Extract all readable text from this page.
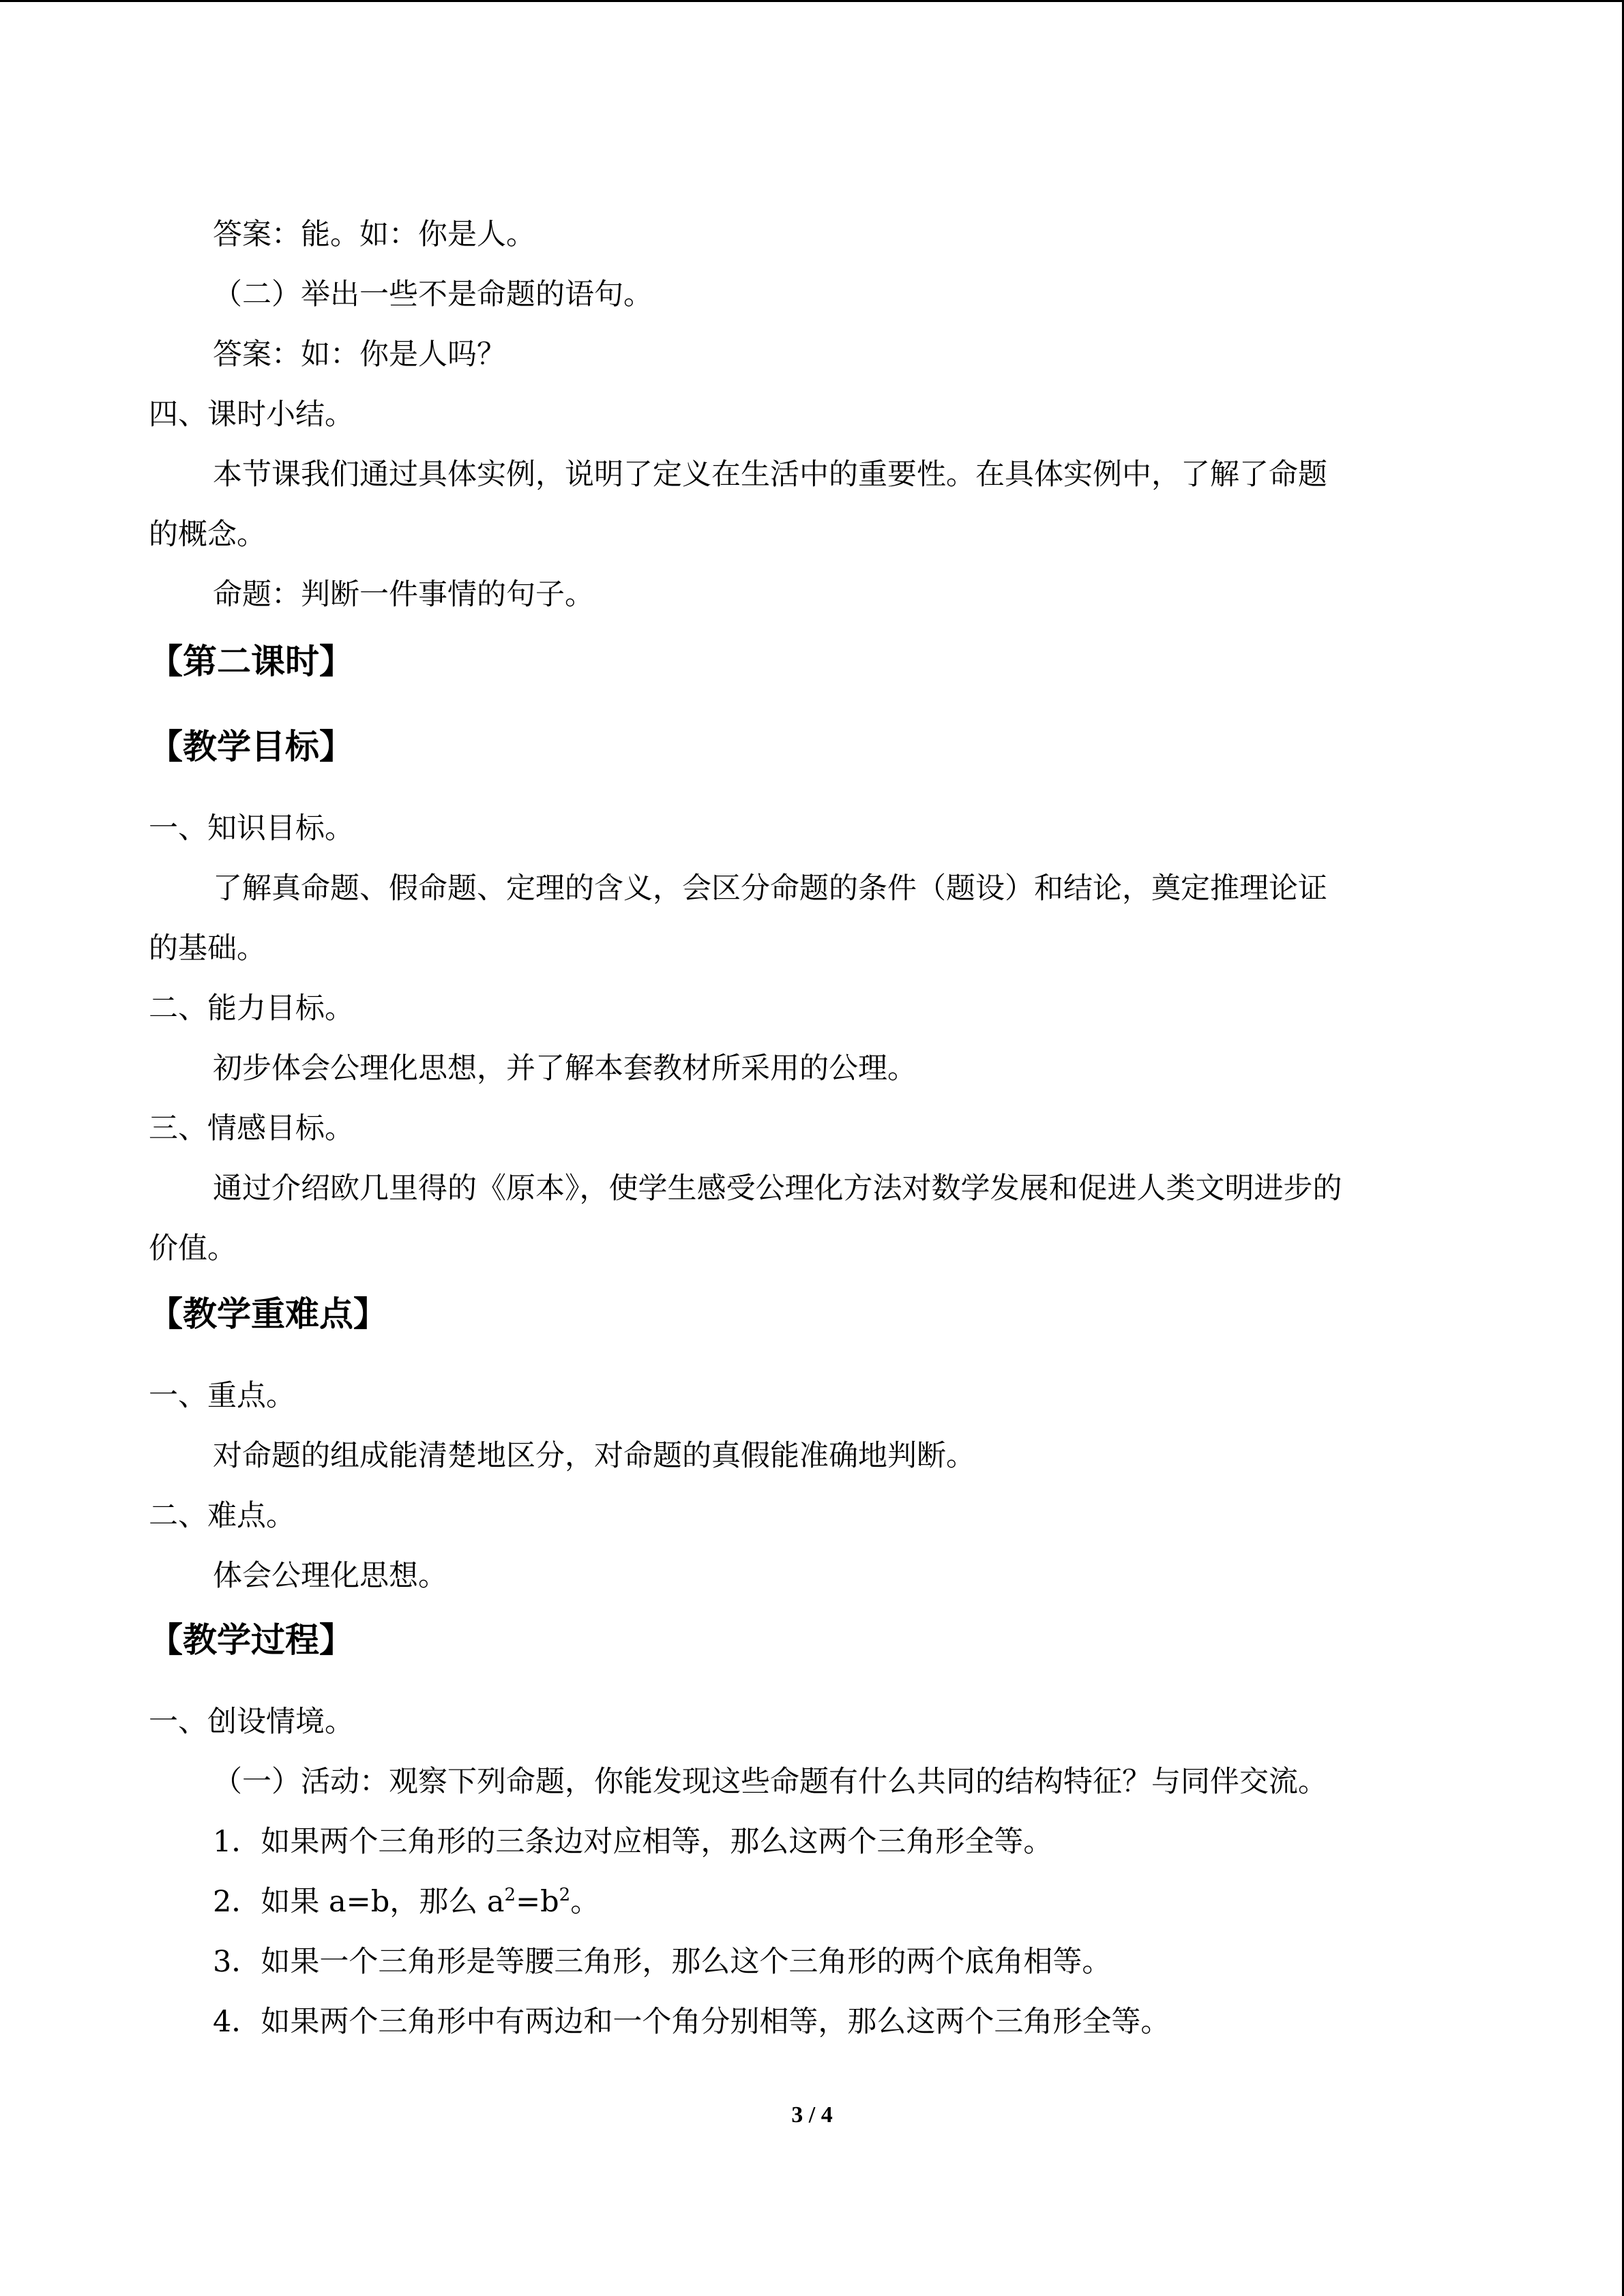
答案：能。如：你是人。
（二）举出一些不是命题的语句。
答案：如：你是人吗？
四、课时小结。
本节课我们通过具体实例，说明了定义在生活中的重要性。在具体实例中，了解了命题
的概念。
命题：判断一件事情的句子。
【第二课时】
【教学目标】
一、知识目标。
了解真命题、假命题、定理的含义，会区分命题的条件（题设）和结论，奠定推理论证
的基础。
二、能力目标。
初步体会公理化思想，并了解本套教材所采用的公理。
三、情感目标。
通过介绍欧几里得的《原本》，使学生感受公理化方法对数学发展和促进人类文明进步的
价值。
【教学重难点】
一、重点。
对命题的组成能清楚地区分，对命题的真假能准确地判断。
二、难点。
体会公理化思想。
【教学过程】
一、创设情境。
（一）活动：观察下列命题，你能发现这些命题有什么共同的结构特征？与同伴交流。
1．如果两个三角形的三条边对应相等，那么这两个三角形全等。
2．如果 a=b，那么 $a^2=b^2$。
3．如果一个三角形是等腰三角形，那么这个三角形的两个底角相等。
4．如果两个三角形中有两边和一个角分别相等，那么这两个三角形全等。
3 / 4
